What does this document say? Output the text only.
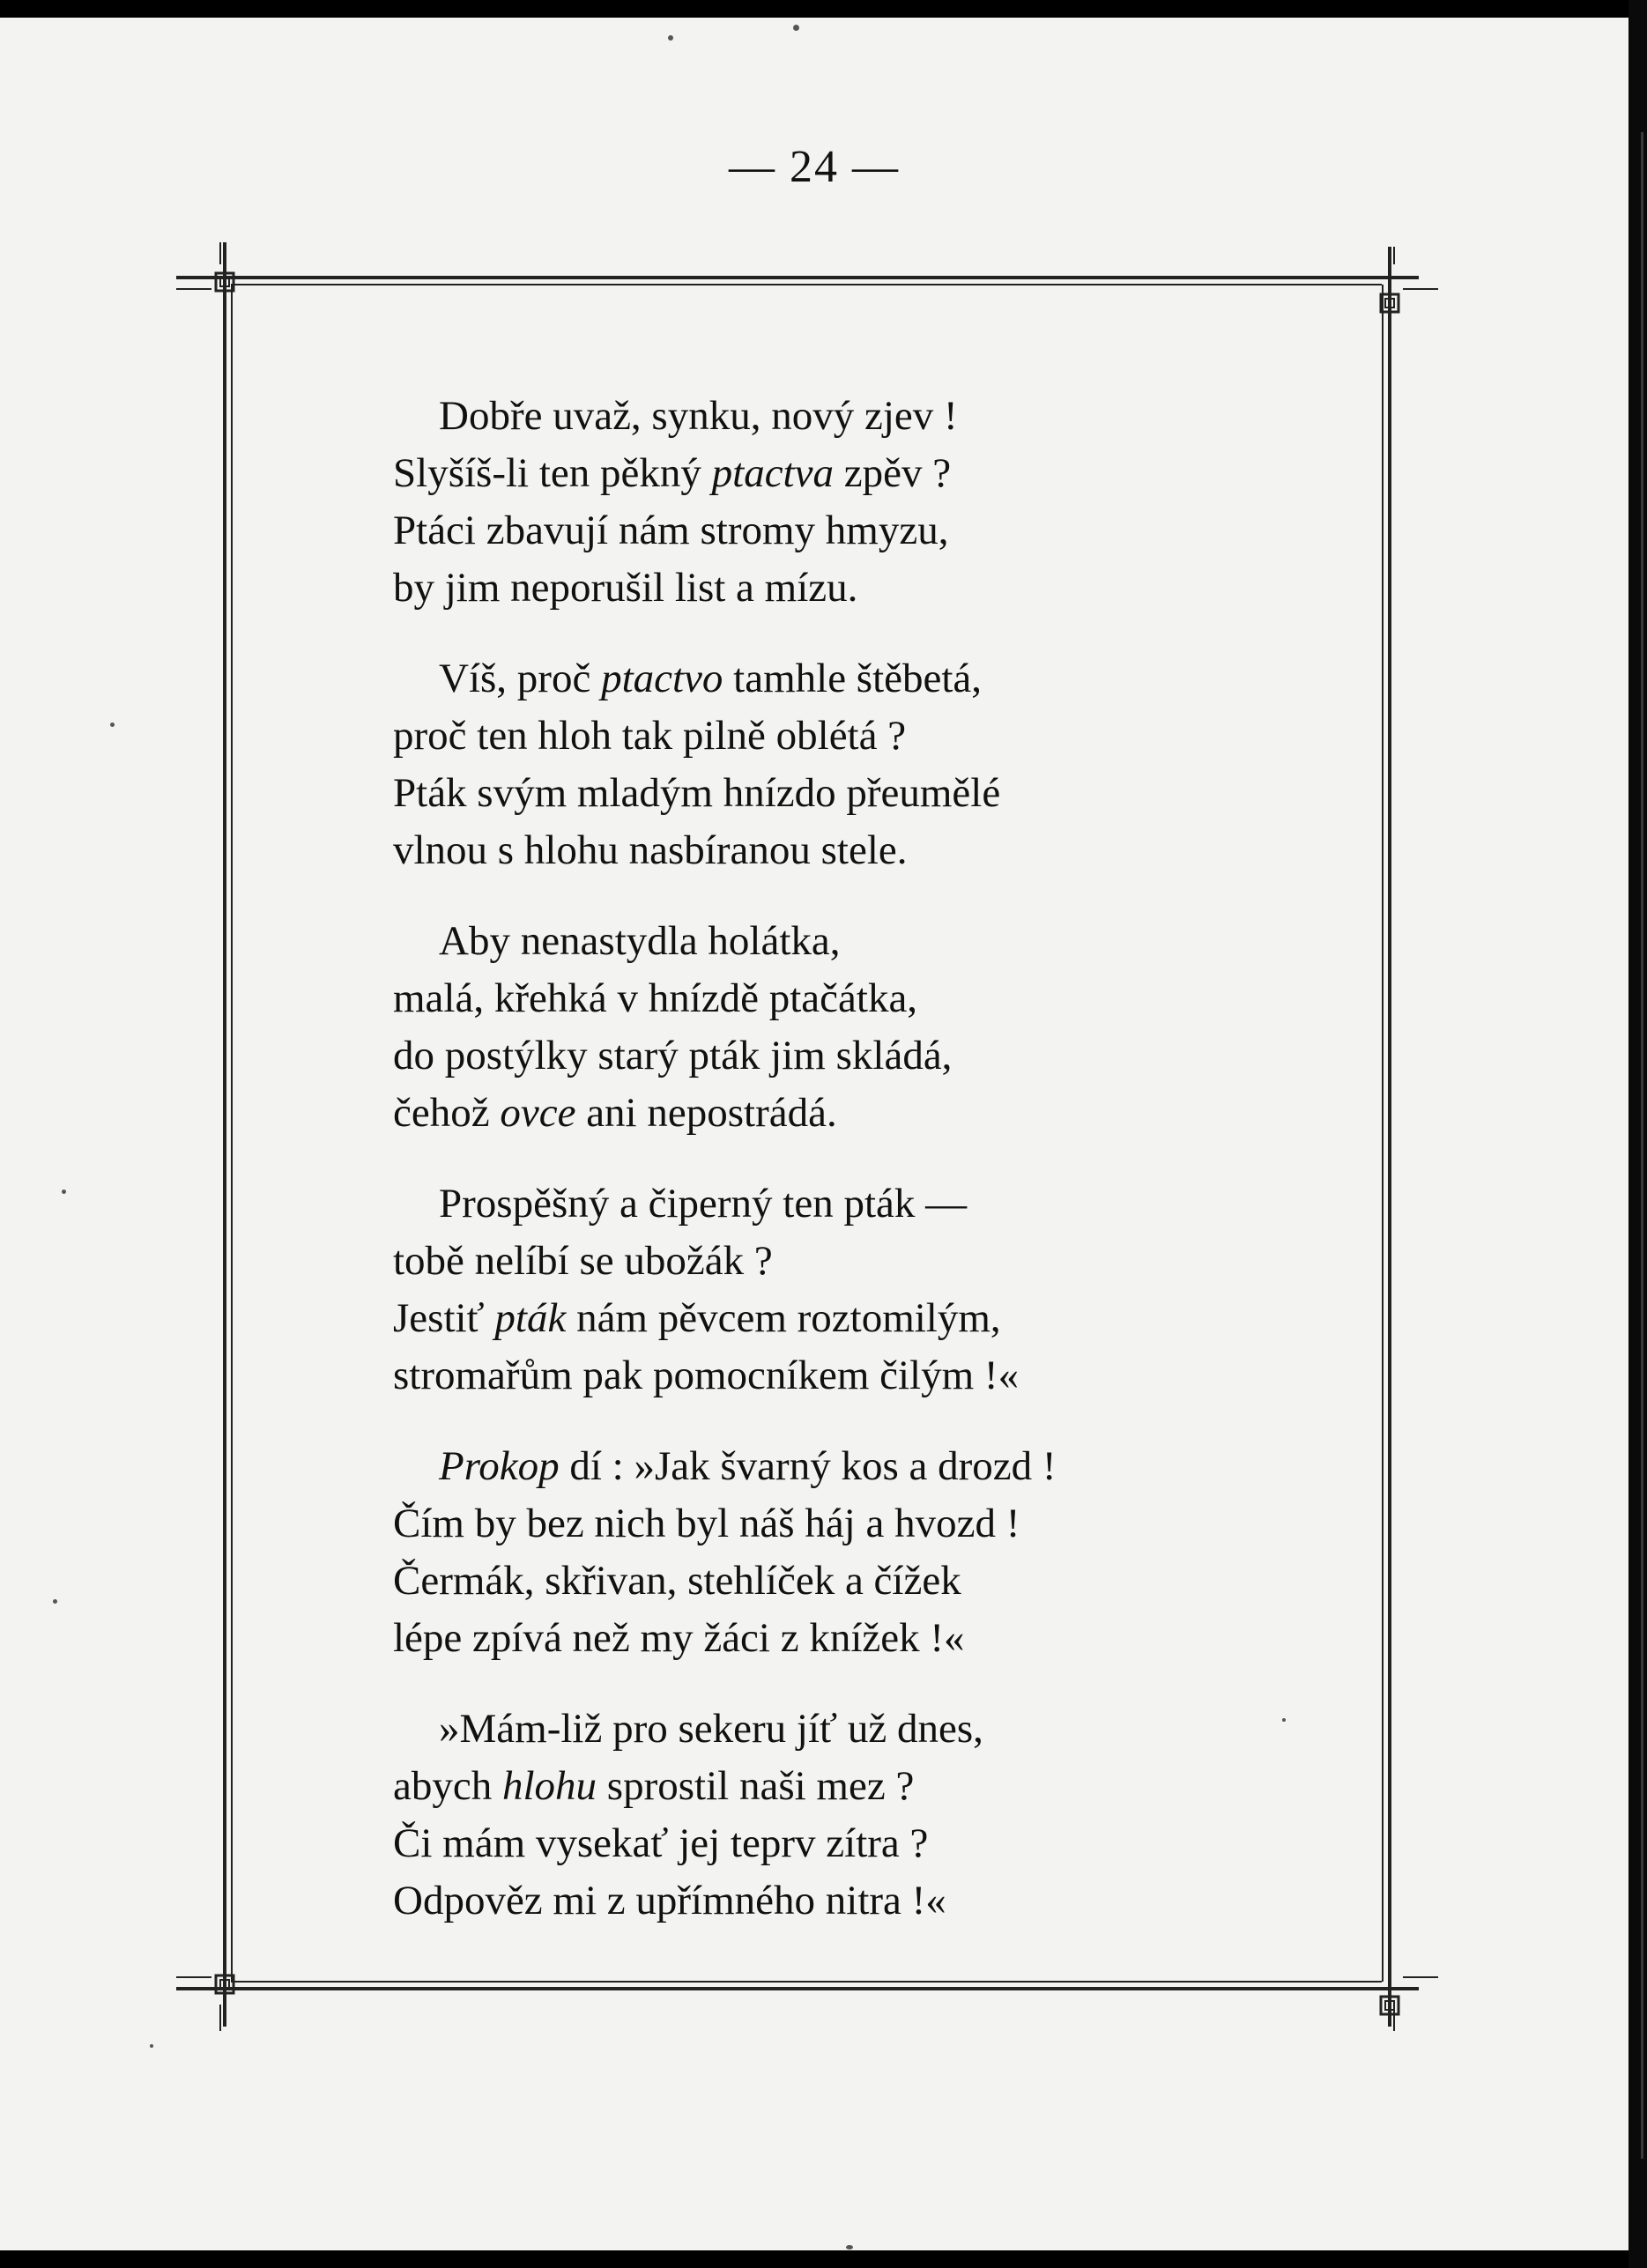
— 24 —
Dobře uvaž, synku, nový zjev !
Slyšíš-li ten pěkný ptactva zpěv ?
Ptáci zbavují nám stromy hmyzu,
by jim neporušil list a mízu.
Víš, proč ptactvo tamhle štěbetá,
proč ten hloh tak pilně oblétá ?
Pták svým mladým hnízdo přeumělé
vlnou s hlohu nasbíranou stele.
Aby nenastydla holátka,
malá, křehká v hnízdě ptačátka,
do postýlky starý pták jim skládá,
čehož ovce ani nepostrádá.
Prospěšný a čiperný ten pták —
tobě nelíbí se ubožák ?
Jestiť pták nám pěvcem roztomilým,
stromařům pak pomocníkem čilým !«
Prokop dí : »Jak švarný kos a drozd !
Čím by bez nich byl náš háj a hvozd !
Čermák, skřivan, stehlíček a čížek
lépe zpívá než my žáci z knížek !«
»Mám-liž pro sekeru jíť už dnes,
abych hlohu sprostil naši mez ?
Či mám vysekať jej teprv zítra ?
Odpověz mi z upřímného nitra !«
